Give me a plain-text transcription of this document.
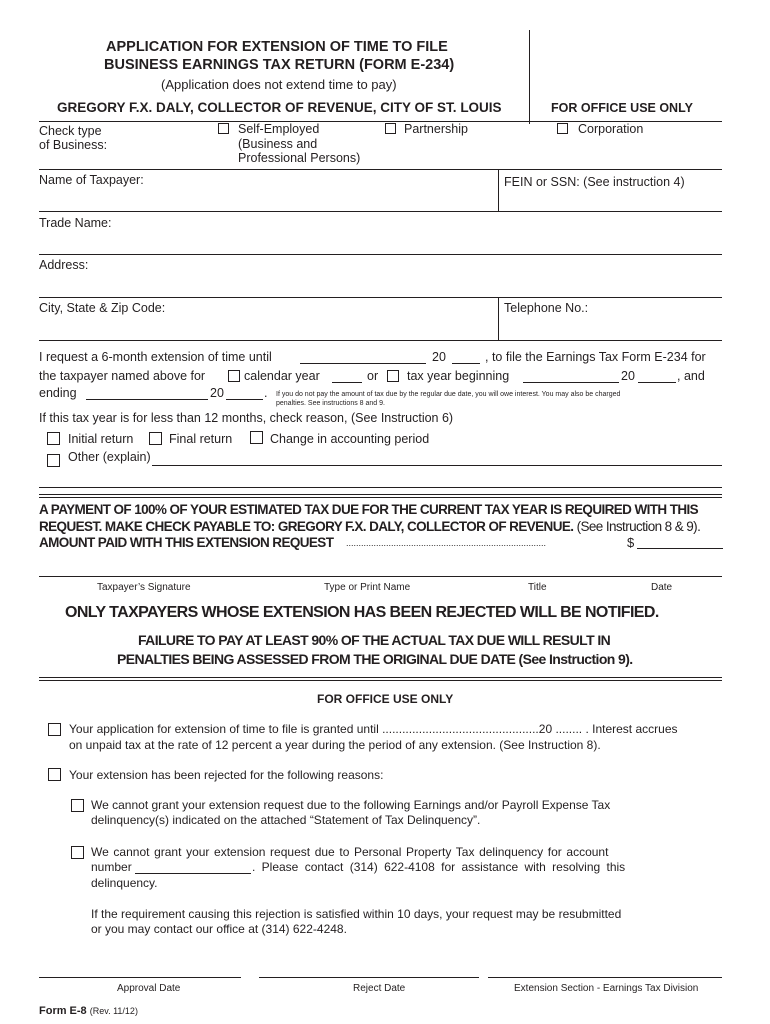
APPLICATION FOR EXTENSION OF TIME TO FILE
BUSINESS EARNINGS TAX RETURN (FORM E-234)
(Application does not extend time to pay)
GREGORY F.X. DALY, COLLECTOR OF REVENUE, CITY OF ST. LOUIS	FOR OFFICE USE ONLY
Check type
of Business:
Self-Employed
(Business and
Professional Persons)
Partnership	Corporation
Name of Taxpayer:	FEIN or SSN: (See instruction 4)
Trade Name:
Address:
City, State & Zip Code:	Telephone No.:
I request a 6-month extension of time until	20	, to file the Earnings Tax Form E-234 for
the taxpayer named above for	calendar year	or tax year beginning	20	, and
ending	20	. If you do not pay the amount of tax due by the regular due date, you will owe interest. You may also be charged
penalties. See instructions 8 and 9.
If this tax year is for less than 12 months, check reason, (See Instruction 6)
Initial return	Final return	Change in accounting period
Other (explain)
A PAYMENT OF 100% OF YOUR ESTIMATED TAX DUE FOR THE CURRENT TAX YEAR IS REQUIRED WITH THIS
REQUEST. MAKE CHECK PAYABLE TO: GREGORY F.X. DALY, COLLECTOR OF REVENUE. (See Instruction 8 & 9).
AMOUNT PAID WITH THIS EXTENSION REQUEST ................................................................................	$
Taxpayer’s Signature	Type or Print Name	Title	Date
ONLY TAXPAYERS WHOSE EXTENSION HAS BEEN REJECTED WILL BE NOTIFIED.
FAILURE TO PAY AT LEAST 90% OF THE ACTUAL TAX DUE WILL RESULT IN
PENALTIES BEING ASSESSED FROM THE ORIGINAL DUE DATE (See Instruction 9).
FOR OFFICE USE ONLY
Your application for extension of time to file is granted until ...............................................20 ........ . Interest accrues
on unpaid tax at the rate of 12 percent a year during the period of any extension. (See Instruction 8).
Your extension has been rejected for the following reasons:
We cannot grant your extension request due to the following Earnings and/or Payroll Expense Tax
delinquency(s) indicated on the attached “Statement of Tax Delinquency”.
We cannot grant your extension request due to Personal Property Tax delinquency for account
number	. Please contact (314) 622-4108 for assistance with resolving this
delinquency.
If the requirement causing this rejection is satisfied within 10 days, your request may be resubmitted
or you may contact our office at (314) 622-4248.
Approval Date	Reject Date	Extension Section - Earnings Tax Division
Form E-8 (Rev. 11/12)
